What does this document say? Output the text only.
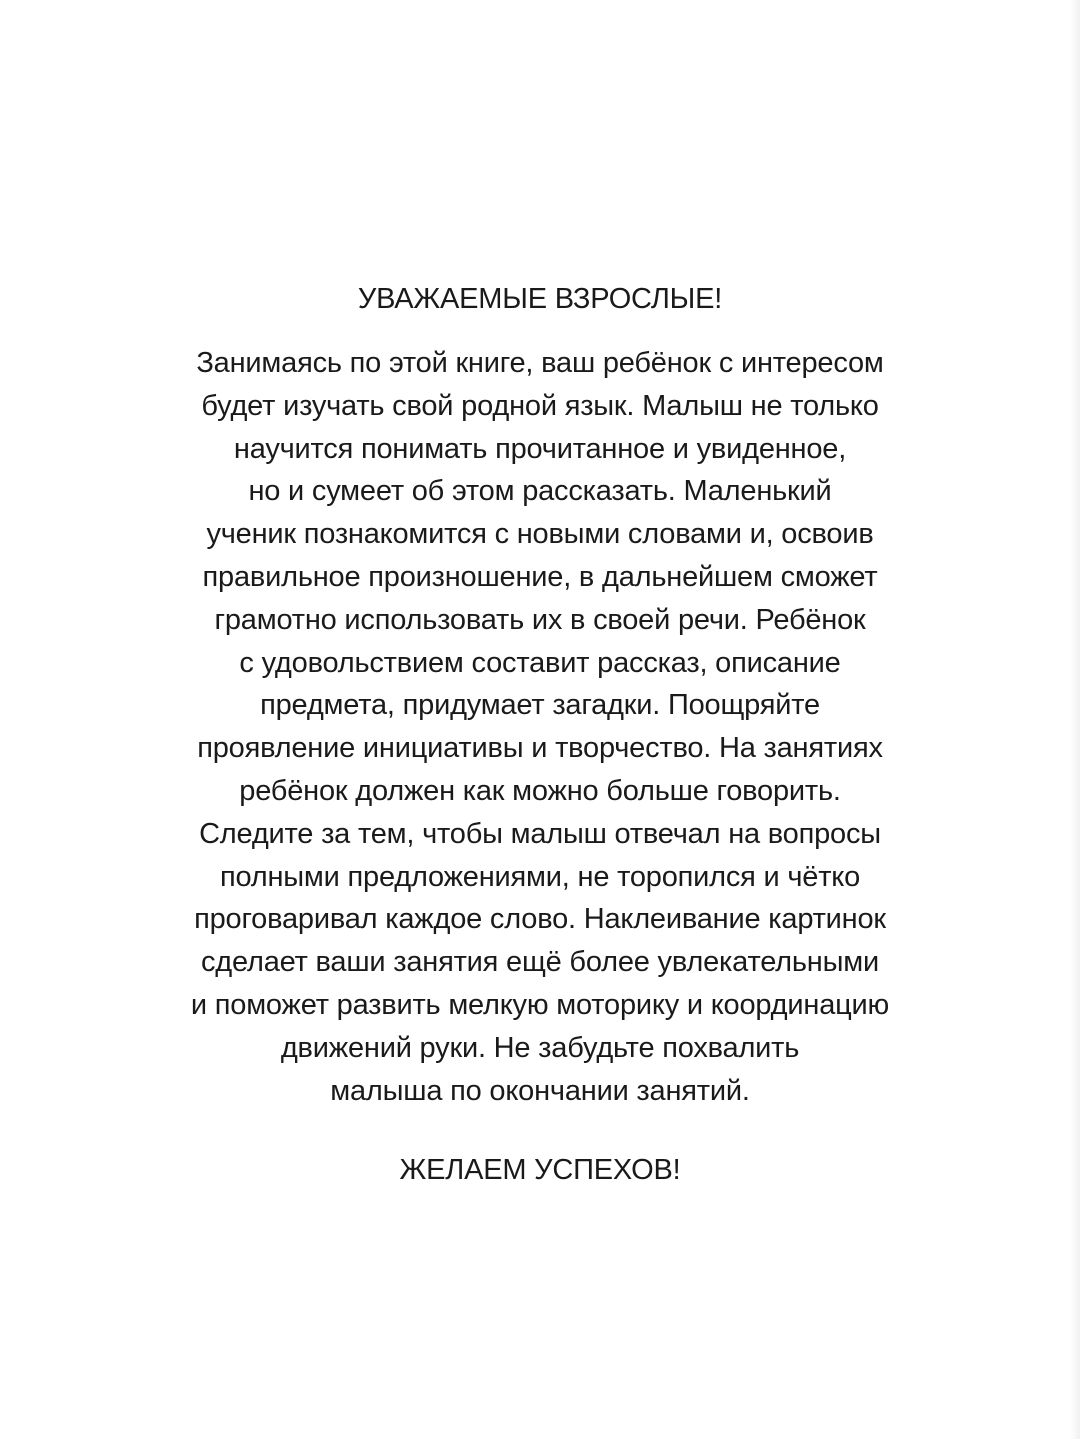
УВАЖАЕМЫЕ ВЗРОСЛЫЕ!
Занимаясь по этой книге, ваш ребёнок с интересом
будет изучать свой родной язык. Малыш не только
научится понимать прочитанное и увиденное,
но и сумеет об этом рассказать. Маленький
ученик познакомится с новыми словами и, освоив
правильное произношение, в дальнейшем сможет
грамотно использовать их в своей речи. Ребёнок
с удовольствием составит рассказ, описание
предмета, придумает загадки. Поощряйте
проявление инициативы и творчество. На занятиях
ребёнок должен как можно больше говорить.
Следите за тем, чтобы малыш отвечал на вопросы
полными предложениями, не торопился и чётко
проговаривал каждое слово. Наклеивание картинок
сделает ваши занятия ещё более увлекательными
и поможет развить мелкую моторику и координацию
движений руки. Не забудьте похвалить
малыша по окончании занятий.
ЖЕЛАЕМ УСПЕХОВ!
